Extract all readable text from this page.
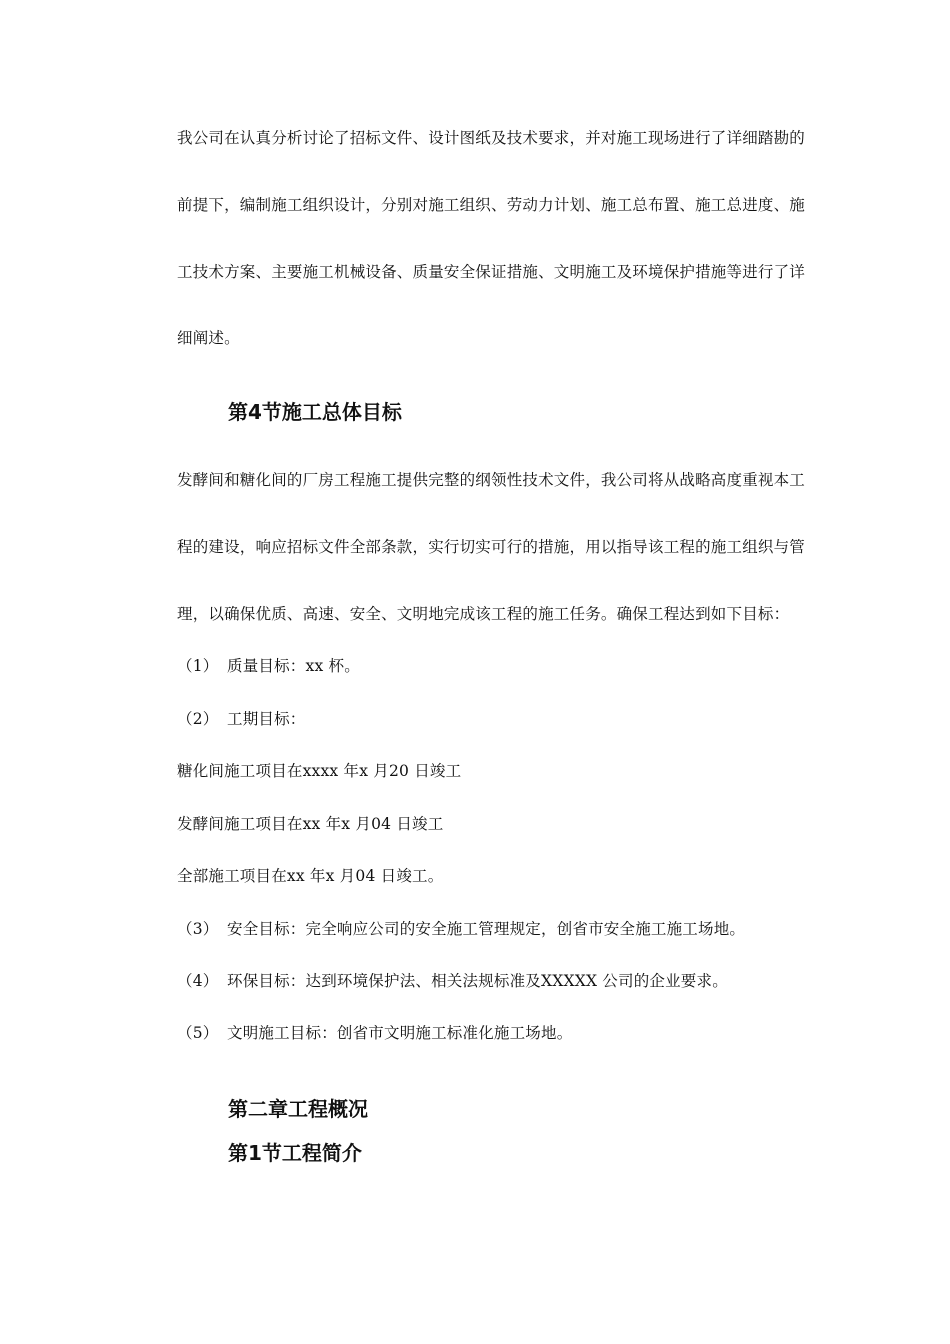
我公司在认真分析讨论了招标文件、设计图纸及技术要求，并对施工现场进行了详细踏勘的
前提下，编制施工组织设计，分别对施工组织、劳动力计划、施工总布置、施工总进度、施
工技术方案、主要施工机械设备、质量安全保证措施、文明施工及环境保护措施等进行了详
细阐述。
第4节施工总体目标
发酵间和糖化间的厂房工程施工提供完整的纲领性技术文件，我公司将从战略高度重视本工
程的建设，响应招标文件全部条款，实行切实可行的措施，用以指导该工程的施工组织与管
理，以确保优质、高速、安全、文明地完成该工程的施工任务。确保工程达到如下目标：
（1） 质量目标：xx 杯。
（2） 工期目标：
糖化间施工项目在xxxx 年x 月20 日竣工
发酵间施工项目在xx 年x 月04 日竣工
全部施工项目在xx 年x 月04 日竣工。
（3） 安全目标：完全响应公司的安全施工管理规定，创省市安全施工施工场地。
（4） 环保目标：达到环境保护法、相关法规标准及XXXXX 公司的企业要求。
（5） 文明施工目标：创省市文明施工标准化施工场地。
第二章工程概况
第1节工程简介
